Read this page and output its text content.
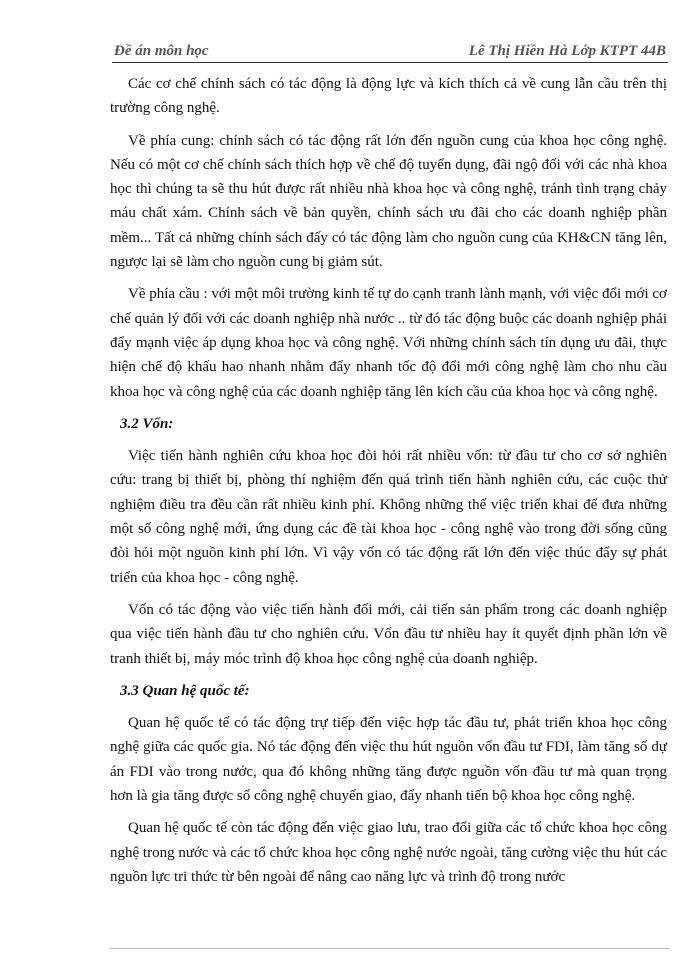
Đề án môn học	Lê Thị Hiền Hà Lớp KTPT 44B

Các cơ chế chính sách có tác động là động lực và kích thích cả về cung lẫn cầu trên thị trường công nghệ.

Về phía cung: chính sách có tác động rất lớn đến nguồn cung của khoa học công nghệ. Nếu có một cơ chế chính sách thích hợp về chế độ tuyển dụng, đãi ngộ đối với các nhà khoa học thì chúng ta sẽ thu hút được rất nhiều nhà khoa học và công nghệ, tránh tình trạng chảy máu chất xám. Chính sách về bản quyền, chính sách ưu đãi cho các doanh nghiệp phần mềm... Tất cả những chính sách đấy có tác động làm cho nguồn cung của KH&CN tăng lên, ngược lại sẽ làm cho nguồn cung bị giảm sút.

Về phía cầu : với một môi trường kinh tế tự do cạnh tranh lành mạnh, với việc đổi mới cơ chế quản lý đối với các doanh nghiệp nhà nước .. từ đó tác động buộc các doanh nghiệp phải đẩy mạnh việc áp dụng khoa học và công nghệ. Với những chính sách tín dụng ưu đãi, thực hiện chế độ khấu hao nhanh nhằm đẩy nhanh tốc độ đổi mới công nghệ làm cho nhu cầu khoa học và công nghệ của các doanh nghiệp tăng lên kích cầu của khoa học và công nghệ.

3.2 Vốn:

Việc tiến hành nghiên cứu khoa học đòi hỏi rất nhiều vốn: từ đầu tư cho cơ sở nghiên cứu: trang bị thiết bị, phòng thí nghiệm đến quá trình tiến hành nghiên cứu, các cuộc thử nghiệm điều tra đều cần rất nhiều kinh phí. Không những thế việc triển khai để đưa những một số công nghệ mới, ứng dụng các đề tài khoa học - công nghệ vào trong đời sống cũng đòi hỏi một nguồn kinh phí lớn. Vì vậy vốn có tác động rất lớn đến việc thúc đẩy sự phát triển của khoa học - công nghệ.

Vốn có tác động vào việc tiến hành đổi mới, cải tiến sản phẩm trong các doanh nghiệp qua việc tiến hành đầu tư cho nghiên cứu. Vốn đầu tư nhiều hay ít quyết định phần lớn về tranh thiết bị, máy móc trình độ khoa học công nghệ của doanh nghiệp.

3.3 Quan hệ quốc tế:

Quan hệ quốc tế có tác động trự tiếp đến việc hợp tác đầu tư, phát triển khoa học công nghệ giữa các quốc gia. Nó tác động đến việc thu hút nguồn vốn đầu tư FDI, làm tăng số dự án FDI vào trong nước, qua đó không những tăng được nguồn vốn đầu tư mà quan trọng hơn là gia tăng được số công nghệ chuyển giao, đẩy nhanh tiến bộ khoa học công nghệ.

Quan hệ quốc tế còn tác động đến việc giao lưu, trao đổi giữa các tổ chức khoa học công nghệ trong nước và các tổ chức khoa học công nghệ nước ngoài, tăng cường việc thu hút các nguồn lực tri thức từ bên ngoài để nâng cao năng lực và trình độ trong nước
